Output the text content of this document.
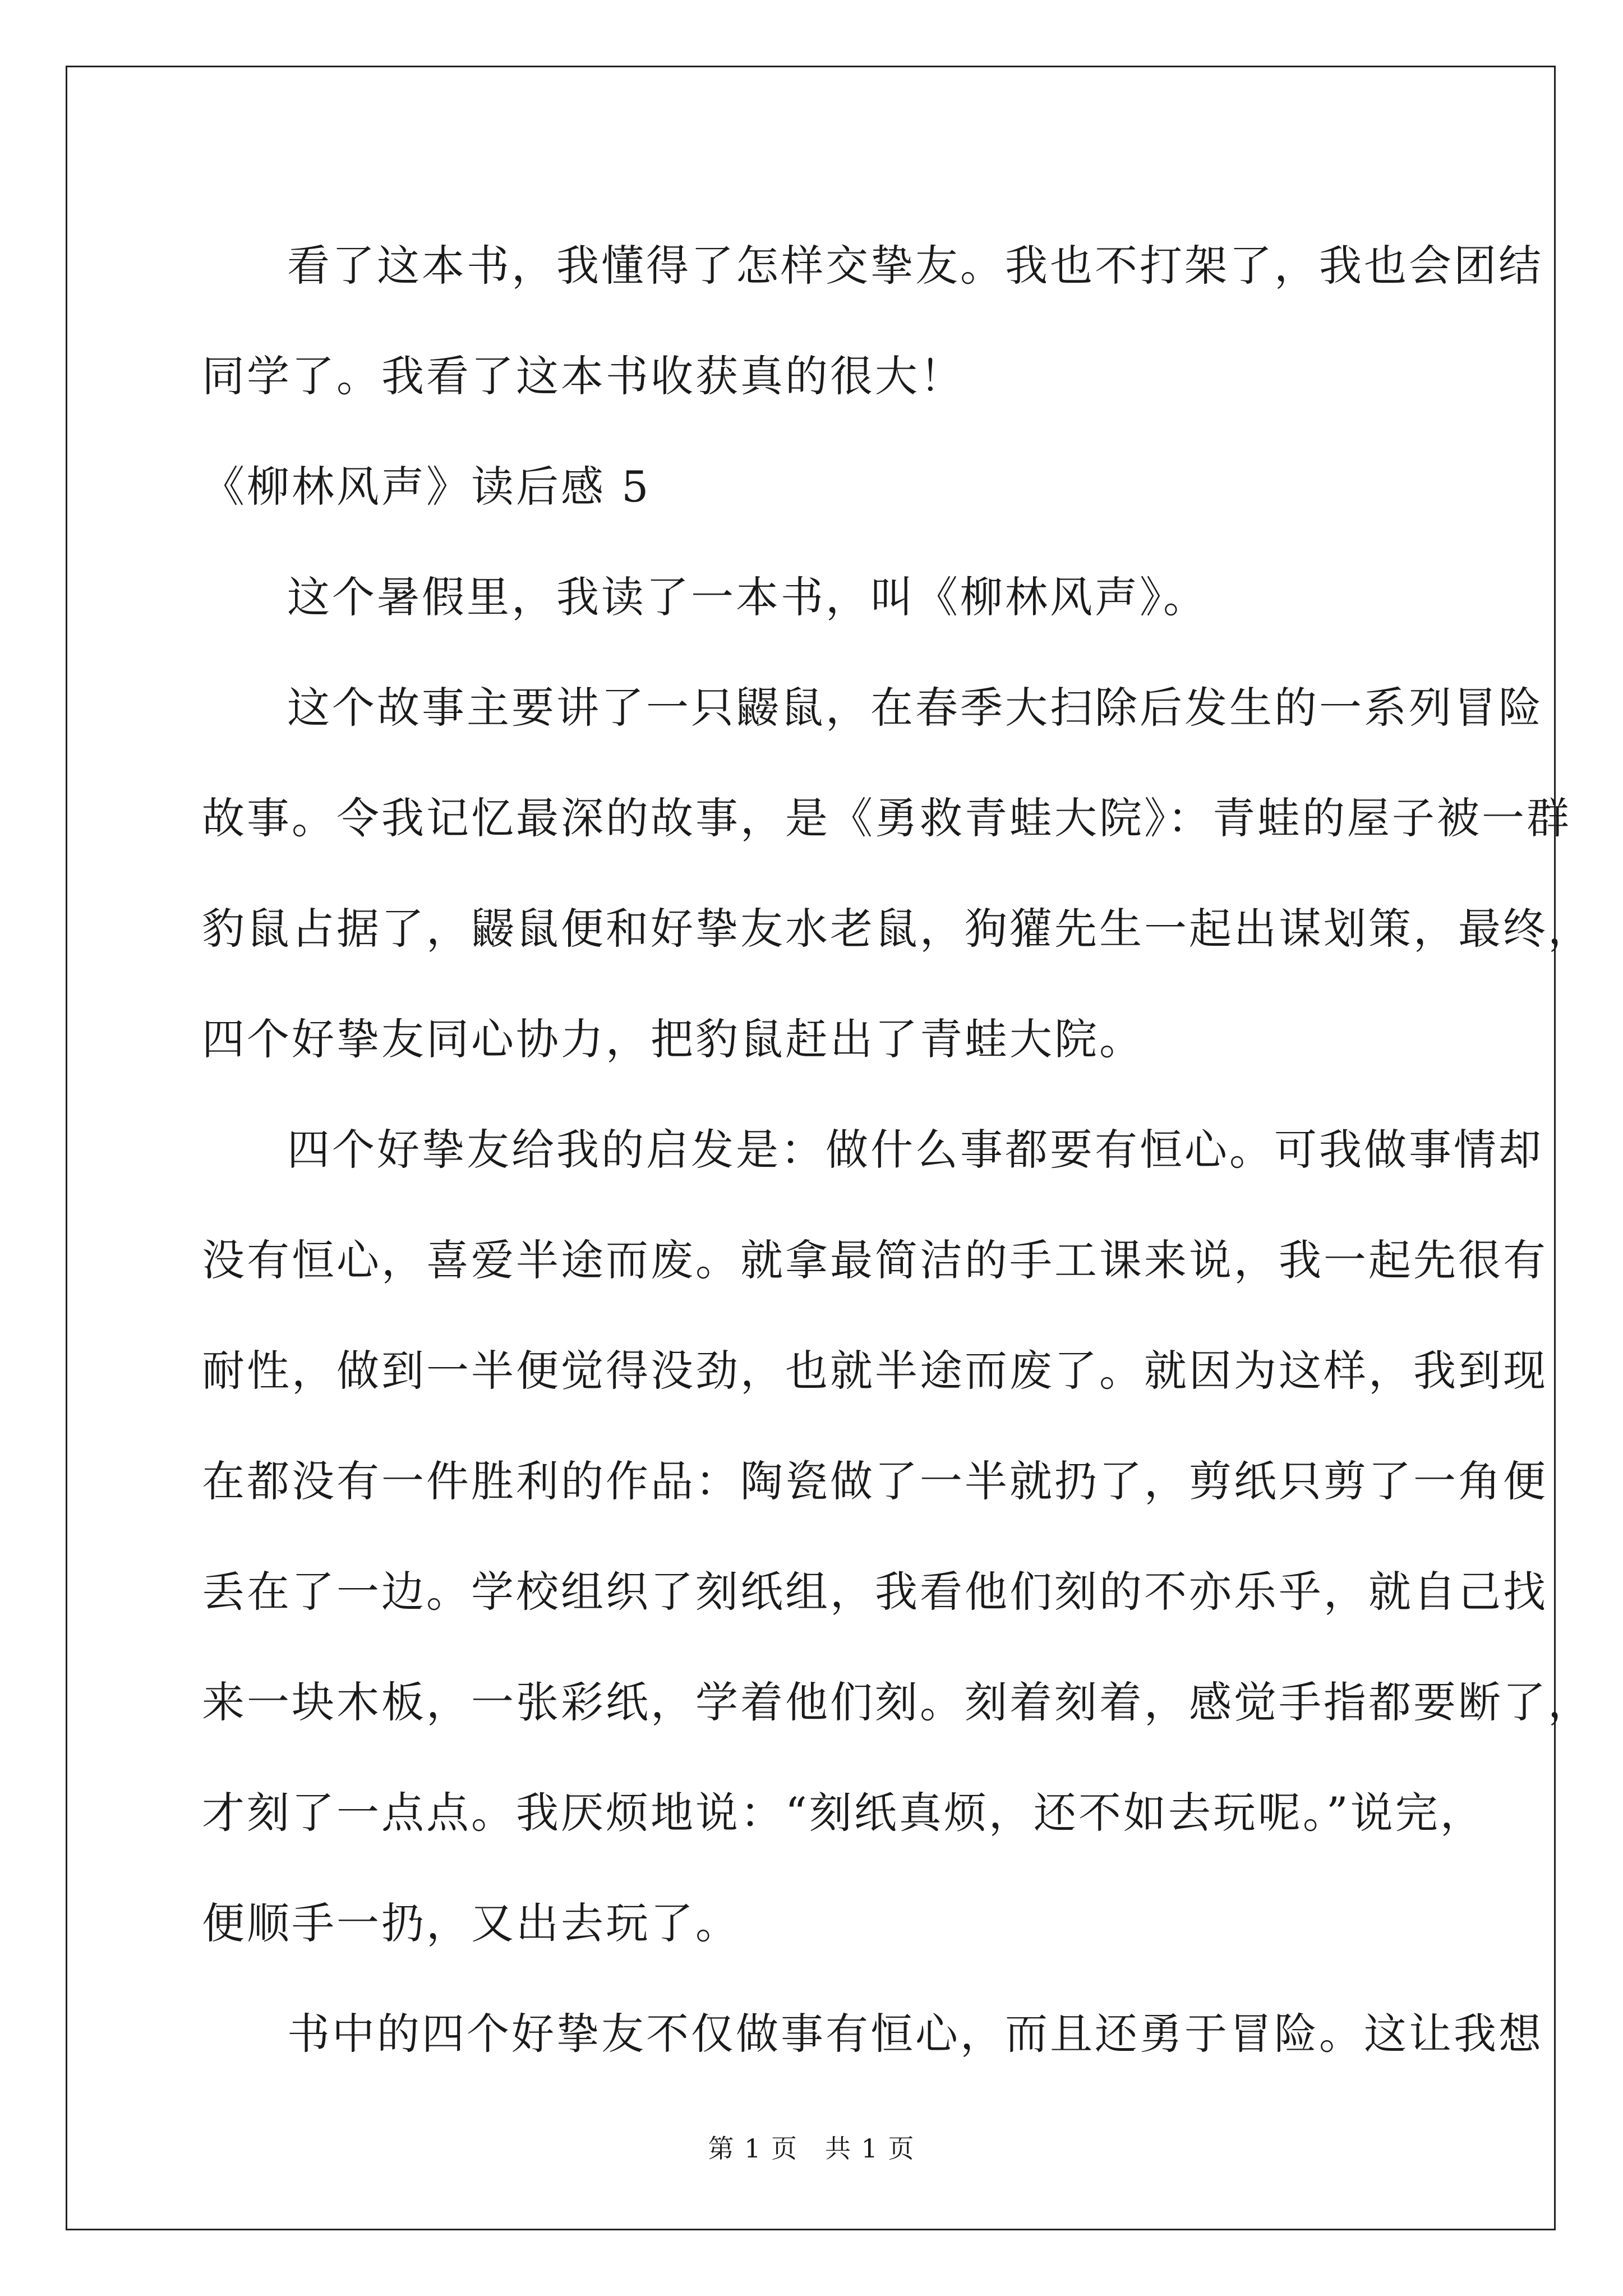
看了这本书，我懂得了怎样交挚友。我也不打架了，我也会团结
同学了。我看了这本书收获真的很大！

《柳林风声》读后感 5

这个暑假里，我读了一本书，叫《柳林风声》。

这个故事主要讲了一只鼹鼠，在春季大扫除后发生的一系列冒险
故事。令我记忆最深的故事，是《勇救青蛙大院》：青蛙的屋子被一群
豹鼠占据了，鼹鼠便和好挚友水老鼠，狗獾先生一起出谋划策，最终，
四个好挚友同心协力，把豹鼠赶出了青蛙大院。

四个好挚友给我的启发是：做什么事都要有恒心。可我做事情却
没有恒心，喜爱半途而废。就拿最简洁的手工课来说，我一起先很有
耐性，做到一半便觉得没劲，也就半途而废了。就因为这样，我到现
在都没有一件胜利的作品：陶瓷做了一半就扔了，剪纸只剪了一角便
丢在了一边。学校组织了刻纸组，我看他们刻的不亦乐乎，就自己找
来一块木板，一张彩纸，学着他们刻。刻着刻着，感觉手指都要断了，
才刻了一点点。我厌烦地说：“刻纸真烦，还不如去玩呢。”说完，
便顺手一扔，又出去玩了。

书中的四个好挚友不仅做事有恒心，而且还勇于冒险。这让我想

第 1 页　共 1 页
